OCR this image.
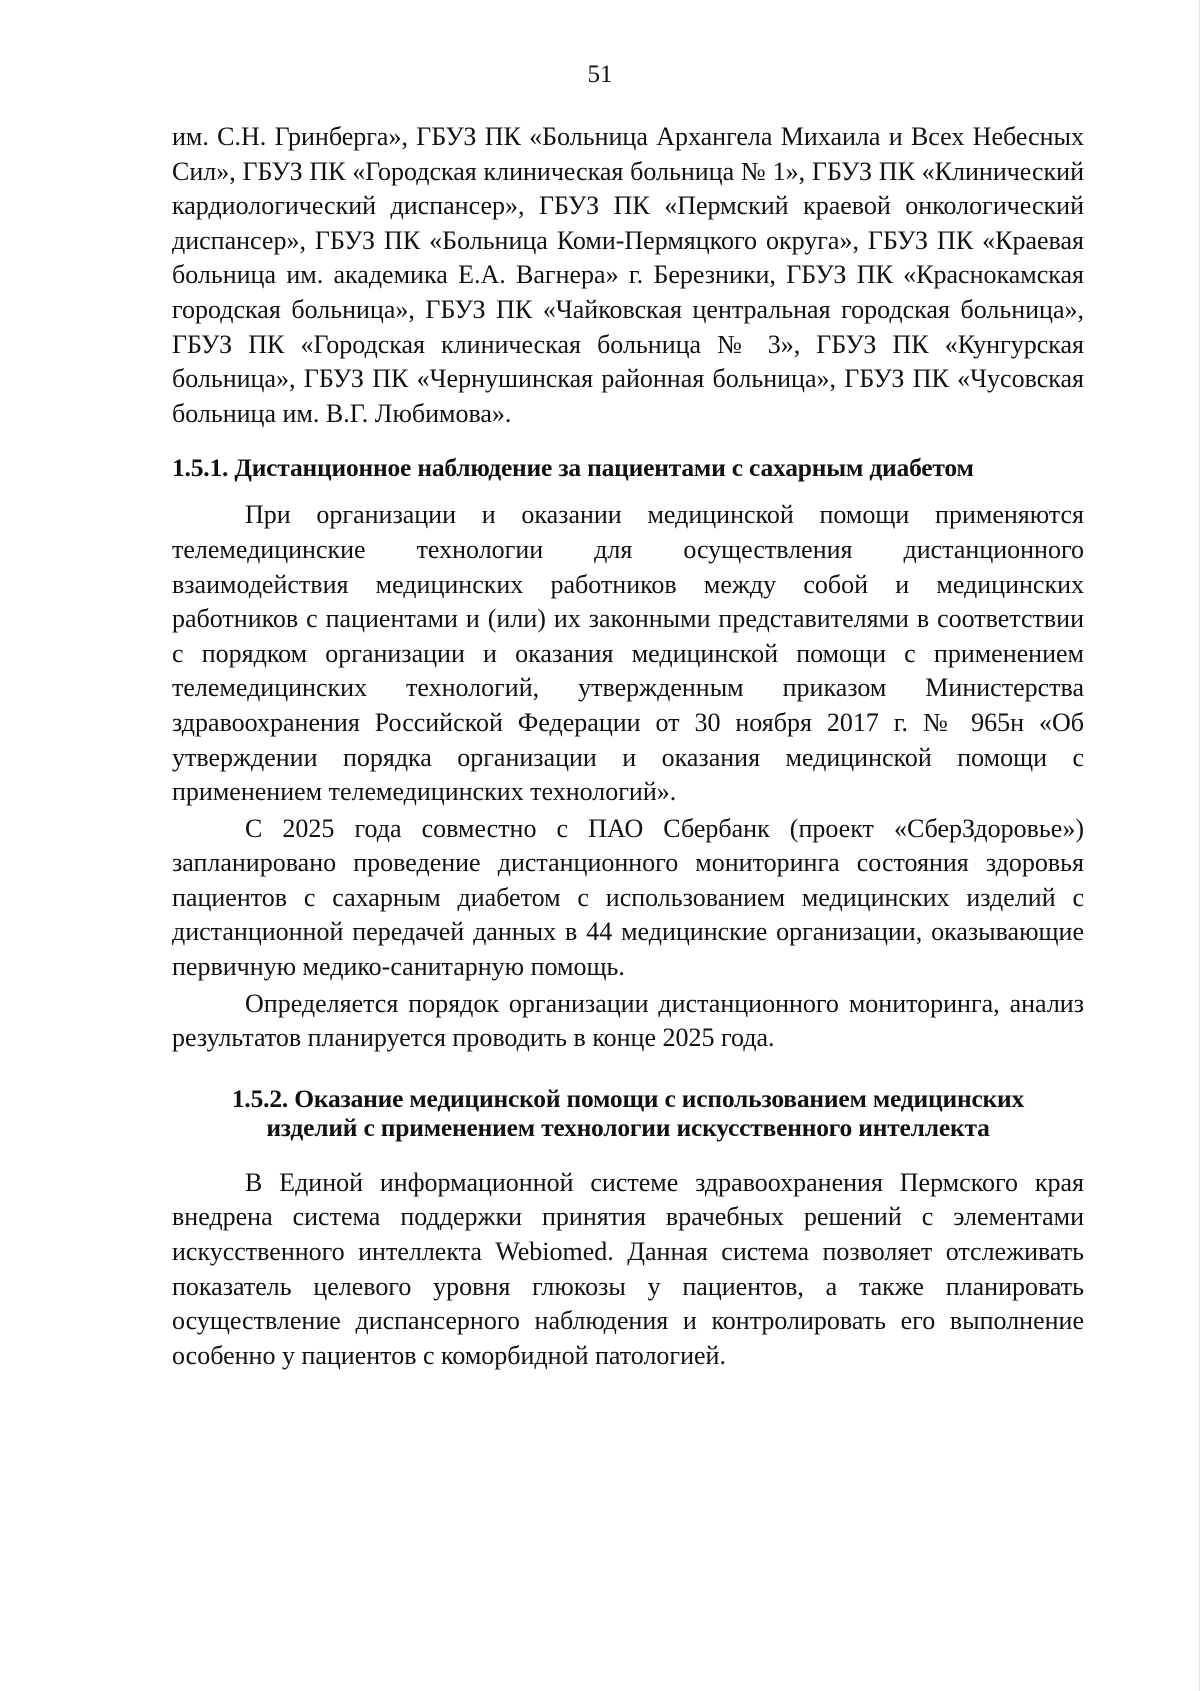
51

им. С.Н. Гринберга», ГБУЗ ПК «Больница Архангела Михаила и Всех Небесных Сил», ГБУЗ ПК «Городская клиническая больница № 1», ГБУЗ ПК «Клинический кардиологический диспансер», ГБУЗ ПК «Пермский краевой онкологический диспансер», ГБУЗ ПК «Больница Коми-Пермяцкого округа», ГБУЗ ПК «Краевая больница им. академика Е.А. Вагнера» г. Березники, ГБУЗ ПК «Краснокамская городская больница», ГБУЗ ПК «Чайковская центральная городская больница», ГБУЗ ПК «Городская клиническая больница № 3», ГБУЗ ПК «Кунгурская больница», ГБУЗ ПК «Чернушинская районная больница», ГБУЗ ПК «Чусовская больница им. В.Г. Любимова».

1.5.1. Дистанционное наблюдение за пациентами с сахарным диабетом

При организации и оказании медицинской помощи применяются телемедицинские технологии для осуществления дистанционного взаимодействия медицинских работников между собой и медицинских работников с пациентами и (или) их законными представителями в соответствии с порядком организации и оказания медицинской помощи с применением телемедицинских технологий, утвержденным приказом Министерства здравоохранения Российской Федерации от 30 ноября 2017 г. № 965н «Об утверждении порядка организации и оказания медицинской помощи с применением телемедицинских технологий».

С 2025 года совместно с ПАО Сбербанк (проект «СберЗдоровье») запланировано проведение дистанционного мониторинга состояния здоровья пациентов с сахарным диабетом с использованием медицинских изделий с дистанционной передачей данных в 44 медицинские организации, оказывающие первичную медико-санитарную помощь.

Определяется порядок организации дистанционного мониторинга, анализ результатов планируется проводить в конце 2025 года.

1.5.2. Оказание медицинской помощи с использованием медицинских
изделий с применением технологии искусственного интеллекта

В Единой информационной системе здравоохранения Пермского края внедрена система поддержки принятия врачебных решений с элементами искусственного интеллекта Webiomed. Данная система позволяет отслеживать показатель целевого уровня глюкозы у пациентов, а также планировать осуществление диспансерного наблюдения и контролировать его выполнение особенно у пациентов с коморбидной патологией.
